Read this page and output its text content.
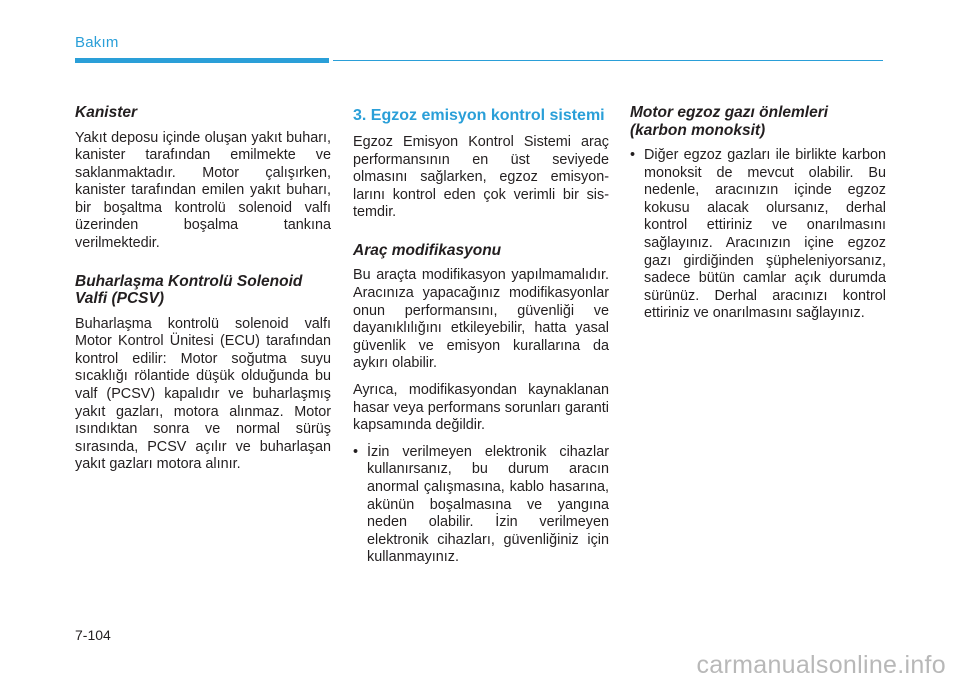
Bakım
Kanister

Yakıt deposu içinde oluşan yakıt buharı, kanister tarafından emilmekte ve saklanmaktadır. Motor çalışırken, kanister tarafından emilen yakıt buharı, bir boşaltma kontrolü solenoid valfı üzerinden boşalma tankına verilmektedir.

Buharlaşma Kontrolü Solenoid Valfi (PCSV)

Buharlaşma kontrolü solenoid valfı Motor Kontrol Ünitesi (ECU) tarafından kontrol edilir: Motor soğutma suyu sıcaklığı rölantide düşük olduğunda bu valf (PCSV) kapalıdır ve buharlaşmış yakıt gazları, motora alınmaz. Motor ısındıktan sonra ve normal sürüş sırasında, PCSV açılır ve buharlaşan yakıt gazları motora alınır.

3. Egzoz emisyon kontrol sistemi

Egzoz Emisyon Kontrol Sistemi araç performansının en üst seviyede olmasını sağlarken, egzoz emisyonlarını kontrol eden çok verimli bir sistemdir.

Araç modifikasyonu

Bu araçta modifikasyon yapılmamalıdır. Aracınıza yapacağınız modifikasyonlar onun performansını, güvenliği ve dayanıklılığını etkileyebilir, hatta yasal güvenlik ve emisyon kurallarına da aykırı olabilir.

Ayrıca, modifikasyondan kaynaklanan hasar veya performans sorunları garanti kapsamında değildir.

• İzin verilmeyen elektronik cihazlar kullanırsanız, bu durum aracın anormal çalışmasına, kablo hasarına, akünün boşalmasına ve yangına neden olabilir. İzin verilmeyen elektronik cihazları, güvenliğiniz için kullanmayınız.
Motor egzoz gazı önlemleri (karbon monoksit)
• Diğer egzoz gazları ile birlikte karbon monoksit de mevcut olabilir. Bu nedenle, aracınızın içinde egzoz kokusu alacak olursanız, derhal kontrol ettiriniz ve onarılmasını sağlayınız. Aracınızın içine egzoz gazı girdiğinden şüpheleniyorsanız, sadece bütün camlar açık durumda sürünüz. Derhal aracınızı kontrol ettiriniz ve onarılmasını sağlayınız.
7-104
carmanualsonline.info
